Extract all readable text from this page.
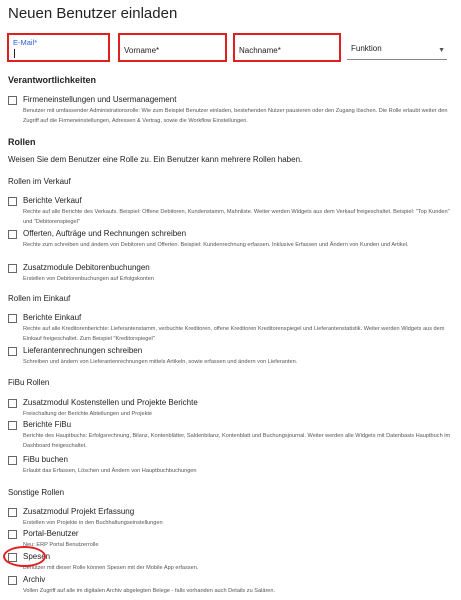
Neuen Benutzer einladen
E-Mail*
Vorname*	Nachname*	Funktion	▼
Verantwortlichkeiten
Firmeneinstellungen und Usermanagement
Benutzer mit umfassender Administrationsrolle: Wie zum Beispiel Benutzer einladen, bestehenden Nutzer pausieren oder den Zugang löschen. Die Rolle erlaubt weiter den Zugriff auf die Firmeneinstellungen, Adressen & Vertrag, sowie die Workflow Einstellungen.
Rollen
Weisen Sie dem Benutzer eine Rolle zu. Ein Benutzer kann mehrere Rollen haben.
Rollen im Verkauf
Berichte Verkauf
Rechte auf alle Berichte des Verkaufs. Beispiel: Offene Debitoren, Kundenstamm, Mahnliste. Weiter werden Widgets aus dem Verkauf freigeschaltet. Beispiel: "Top Kunden" und "Debitorenspiegel"
Offerten, Aufträge und Rechnungen schreiben
Rechte zum schreiben und ändern von Debitoren und Offerten. Beispiel: Kundenrechnung erfassen. Inklusive Erfassen und Ändern von Kunden und Artikel.
Zusatzmodule Debitorenbuchungen
Erstellen von Debitorenbuchungen auf Erfolgskonten
Rollen im Einkauf
Berichte Einkauf
Rechte auf alle Kreditorenberichte: Lieferantenstamm, verbuchte Kreditoren, offene Kreditoren Kreditorenspiegel und Lieferantenstatistik. Weiter werden Widgets aus dem Einkauf freigeschaltet. Zum Beispiel "Kreditorspiegel"
Lieferantenrechnungen schreiben
Schreiben und ändern von Lieferantenrechnungen mittels Artikeln, sowie erfassen und ändern von Lieferanten.
FiBu Rollen
Zusatzmodul Kostenstellen und Projekte Berichte
Freischaltung der Berichte Abteilungen und Projekte
Berichte FiBu
Berichte des Hauptbuchs: Erfolgsrechnung, Bilanz, Kontenblätter, Saldenbilanz, Kontenblatt und Buchungsjournal. Weiter werden alle Widgets mit Datenbasis Hauptbuch im Dashboard freigeschaltet.
FiBu buchen
Erlaubt das Erfassen, Löschen und Ändern von Hauptbuchbuchungen
Sonstige Rollen
Zusatzmodul Projekt Erfassung
Erstellen von Projekte in den Buchhaltungseinstellungen
Portal-Benutzer
Neu: ERP Portal Benutzerrolle
Spesen
Benutzer mit dieser Rolle können Spesen mit der Mobile App erfassen.
Archiv
Vollen Zugriff auf alle im digitalen Archiv abgelegten Belege - falls vorhanden auch Details zu Salären.
